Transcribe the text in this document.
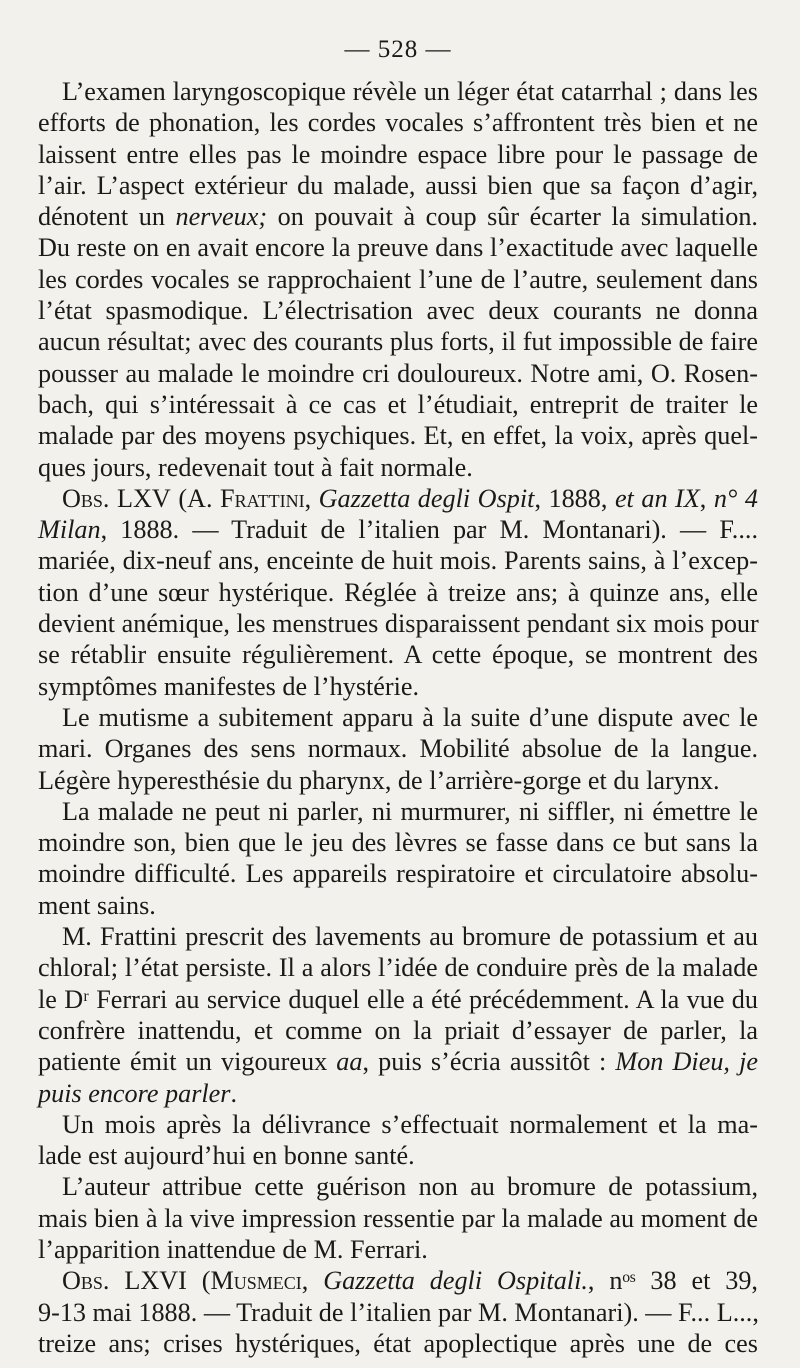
— 528 —

L’examen laryngoscopique révèle un léger état catarrhal ; dans les
efforts de phonation, les cordes vocales s’affrontent très bien et ne
laissent entre elles pas le moindre espace libre pour le passage de
l’air. L’aspect extérieur du malade, aussi bien que sa façon d’agir,
dénotent un nerveux; on pouvait à coup sûr écarter la simulation.
Du reste on en avait encore la preuve dans l’exactitude avec laquelle
les cordes vocales se rapprochaient l’une de l’autre, seulement dans
l’état spasmodique. L’électrisation avec deux courants ne donna
aucun résultat; avec des courants plus forts, il fut impossible de faire
pousser au malade le moindre cri douloureux. Notre ami, O. Rosen-
bach, qui s’intéressait à ce cas et l’étudiait, entreprit de traiter le
malade par des moyens psychiques. Et, en effet, la voix, après quel-
ques jours, redevenait tout à fait normale.

Obs. LXV (A. Frattini, Gazzetta degli Ospit, 1888, et an IX, n° 4
Milan, 1888. — Traduit de l’italien par M. Montanari). — F....
mariée, dix-neuf ans, enceinte de huit mois. Parents sains, à l’excep-
tion d’une sœur hystérique. Réglée à treize ans; à quinze ans, elle
devient anémique, les menstrues disparaissent pendant six mois pour
se rétablir ensuite régulièrement. A cette époque, se montrent des
symptômes manifestes de l’hystérie.

Le mutisme a subitement apparu à la suite d’une dispute avec le
mari. Organes des sens normaux. Mobilité absolue de la langue.
Légère hyperesthésie du pharynx, de l’arrière-gorge et du larynx.

La malade ne peut ni parler, ni murmurer, ni siffler, ni émettre le
moindre son, bien que le jeu des lèvres se fasse dans ce but sans la
moindre difficulté. Les appareils respiratoire et circulatoire absolu-
ment sains.

M. Frattini prescrit des lavements au bromure de potassium et au
chloral; l’état persiste. Il a alors l’idée de conduire près de la malade
le Dʳ Ferrari au service duquel elle a été précédemment. A la vue du
confrère inattendu, et comme on la priait d’essayer de parler, la
patiente émit un vigoureux aa, puis s’écria aussitôt : Mon Dieu, je
puis encore parler.

Un mois après la délivrance s’effectuait normalement et la ma-
lade est aujourd’hui en bonne santé.

L’auteur attribue cette guérison non au bromure de potassium,
mais bien à la vive impression ressentie par la malade au moment de
l’apparition inattendue de M. Ferrari.

Obs. LXVI (Musmeci, Gazzetta degli Ospitali., nᵒˢ 38 et 39,
9-13 mai 1888. — Traduit de l’italien par M. Montanari). — F... L...,
treize ans; crises hystériques, état apoplectique après une de ces
